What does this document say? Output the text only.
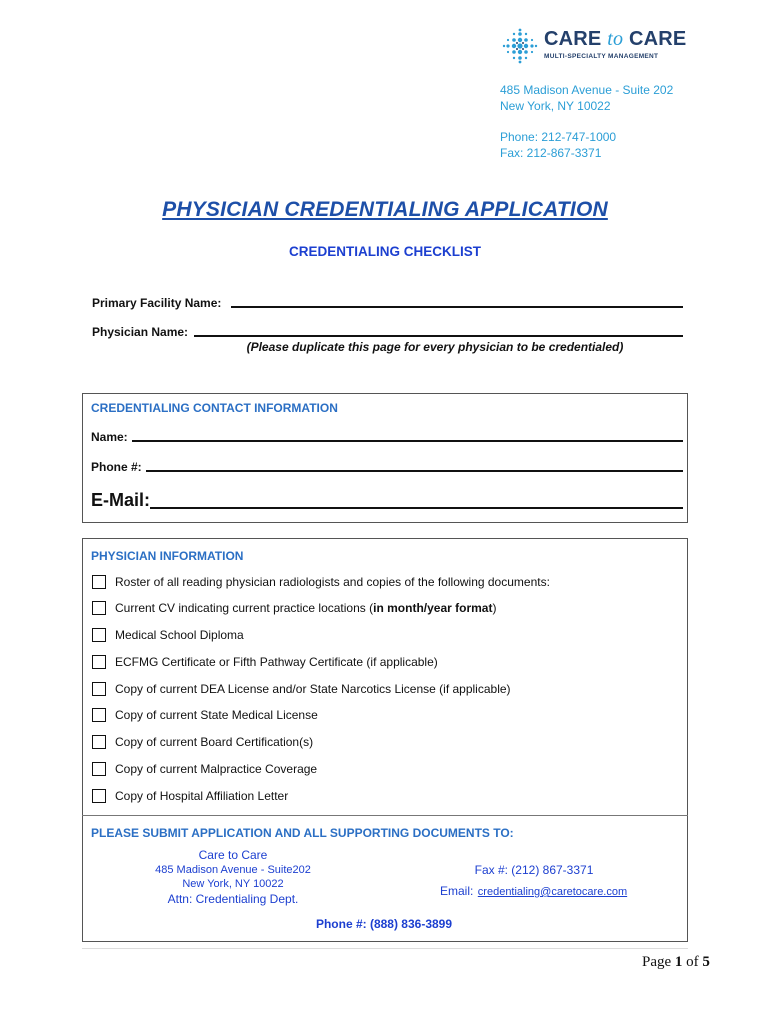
CARE to CARE
MULTI-SPECIALTY MANAGEMENT
485 Madison Avenue - Suite 202
New York, NY 10022
Phone: 212-747-1000
Fax: 212-867-3371
PHYSICIAN CREDENTIALING APPLICATION
CREDENTIALING CHECKLIST
Primary Facility Name:
Physician Name:
(Please duplicate this page for every physician to be credentialed)
CREDENTIALING CONTACT INFORMATION
Name:
Phone #:
E-Mail:
PHYSICIAN INFORMATION
Roster of all reading physician radiologists and copies of the following documents:
Current CV indicating current practice locations (in month/year format)
Medical School Diploma
ECFMG Certificate or Fifth Pathway Certificate (if applicable)
Copy of current DEA License and/or State Narcotics License (if applicable)
Copy of current State Medical License
Copy of current Board Certification(s)
Copy of current Malpractice Coverage
Copy of Hospital Affiliation Letter
PLEASE SUBMIT APPLICATION AND ALL SUPPORTING DOCUMENTS TO:
Care to Care
485 Madison Avenue - Suite202
New York, NY 10022
Attn: Credentialing Dept.
Fax #: (212) 867-3371
Email: credentialing@caretocare.com
Phone #: (888) 836-3899
Page 1 of 5
